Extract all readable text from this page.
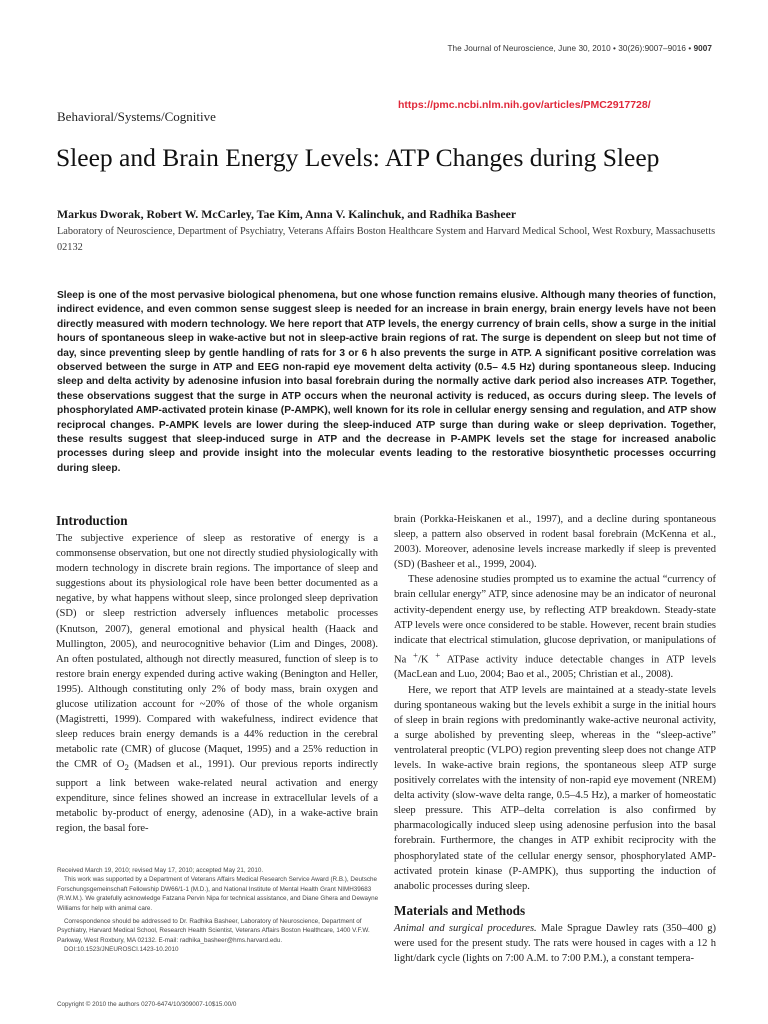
The Journal of Neuroscience, June 30, 2010 • 30(26):9007–9016 • 9007
https://pmc.ncbi.nlm.nih.gov/articles/PMC2917728/
Behavioral/Systems/Cognitive
Sleep and Brain Energy Levels: ATP Changes during Sleep
Markus Dworak, Robert W. McCarley, Tae Kim, Anna V. Kalinchuk, and Radhika Basheer
Laboratory of Neuroscience, Department of Psychiatry, Veterans Affairs Boston Healthcare System and Harvard Medical School, West Roxbury, Massachusetts 02132

Sleep is one of the most pervasive biological phenomena, but one whose function remains elusive. Although many theories of function, indirect evidence, and even common sense suggest sleep is needed for an increase in brain energy, brain energy levels have not been directly measured with modern technology. We here report that ATP levels, the energy currency of brain cells, show a surge in the initial hours of spontaneous sleep in wake-active but not in sleep-active brain regions of rat. The surge is dependent on sleep but not time of day, since preventing sleep by gentle handling of rats for 3 or 6 h also prevents the surge in ATP. A significant positive correlation was observed between the surge in ATP and EEG non-rapid eye movement delta activity (0.5– 4.5 Hz) during spontaneous sleep. Inducing sleep and delta activity by adenosine infusion into basal forebrain during the normally active dark period also increases ATP. Together, these observations suggest that the surge in ATP occurs when the neuronal activity is reduced, as occurs during sleep. The levels of phosphorylated AMP-activated protein kinase (P-AMPK), well known for its role in cellular energy sensing and regulation, and ATP show reciprocal changes. P-AMPK levels are lower during the sleep-induced ATP surge than during wake or sleep deprivation. Together, these results suggest that sleep-induced surge in ATP and the decrease in P-AMPK levels set the stage for increased anabolic processes during sleep and provide insight into the molecular events leading to the restorative biosynthetic processes occurring during sleep.

Introduction

The subjective experience of sleep as restorative of energy is a commonsense observation, but one not directly studied physiologically with modern technology in discrete brain regions. The importance of sleep and suggestions about its physiological role have been better documented as a negative, by what happens without sleep, since prolonged sleep deprivation (SD) or sleep restriction adversely influences metabolic processes (Knutson, 2007), general emotional and physical health (Haack and Mullington, 2005), and neurocognitive behavior (Lim and Dinges, 2008). An often postulated, although not directly measured, function of sleep is to restore brain energy expended during active waking (Benington and Heller, 1995). Although constituting only 2% of body mass, brain oxygen and glucose utilization account for ~20% of those of the whole organism (Magistretti, 1999). Compared with wakefulness, indirect evidence that sleep reduces brain energy demands is a 44% reduction in the cerebral metabolic rate (CMR) of glucose (Maquet, 1995) and a 25% reduction in the CMR of $O_2$ (Madsen et al., 1991). Our previous reports indirectly support a link between wake-related neural activation and energy expenditure, since felines showed an increase in extracellular levels of a metabolic by-product of energy, adenosine (AD), in a wake-active brain region, the basal fore-

brain (Porkka-Heiskanen et al., 1997), and a decline during spontaneous sleep, a pattern also observed in rodent basal forebrain (McKenna et al., 2003). Moreover, adenosine levels increase markedly if sleep is prevented (SD) (Basheer et al., 1999, 2004).

These adenosine studies prompted us to examine the actual “currency of brain cellular energy” ATP, since adenosine may be an indicator of neuronal activity-dependent energy use, by reflecting ATP breakdown. Steady-state ATP levels were once considered to be stable. However, recent brain studies indicate that electrical stimulation, glucose deprivation, or manipulations of Na +/K + ATPase activity induce detectable changes in ATP levels (MacLean and Luo, 2004; Bao et al., 2005; Christian et al., 2008).

Here, we report that ATP levels are maintained at a steady-state levels during spontaneous waking but the levels exhibit a surge in the initial hours of sleep in brain regions with predominantly wake-active neuronal activity, a surge abolished by preventing sleep, whereas in the “sleep-active” ventrolateral preoptic (VLPO) region preventing sleep does not change ATP levels. In wake-active brain regions, the spontaneous sleep ATP surge positively correlates with the intensity of non-rapid eye movement (NREM) delta activity (slow-wave delta range, 0.5–4.5 Hz), a marker of homeostatic sleep pressure. This ATP–delta correlation is also confirmed by pharmacologically induced sleep using adenosine perfusion into the basal forebrain. Furthermore, the changes in ATP exhibit reciprocity with the phosphorylated state of the cellular energy sensor, phosphorylated AMP-activated protein kinase (P-AMPK), thus supporting the induction of anabolic processes during sleep.

Materials and Methods

Animal and surgical procedures. Male Sprague Dawley rats (350–400 g) were used for the present study. The rats were housed in cages with a 12 h light/dark cycle (lights on 7:00 A.M. to 7:00 P.M.), a constant tempera-

Received March 19, 2010; revised May 17, 2010; accepted May 21, 2010.

This work was supported by a Department of Veterans Affairs Medical Research Service Award (R.B.), Deutsche Forschungsgemeinschaft Fellowship DW66/1-1 (M.D.), and National Institute of Mental Health Grant NIMH39683 (R.W.M.). We gratefully acknowledge Fatzana Pervin Nipa for technical assistance, and Diane Ghera and Dewayne Williams for help with animal care.

Correspondence should be addressed to Dr. Radhika Basheer, Laboratory of Neuroscience, Department of Psychiatry, Harvard Medical School, Research Health Scientist, Veterans Affairs Boston Healthcare, 1400 V.F.W. Parkway, West Roxbury, MA 02132. E-mail: radhika_basheer@hms.harvard.edu.

DOI:10.1523/JNEUROSCI.1423-10.2010

Copyright © 2010 the authors 0270-6474/10/309007-10$15.00/0
